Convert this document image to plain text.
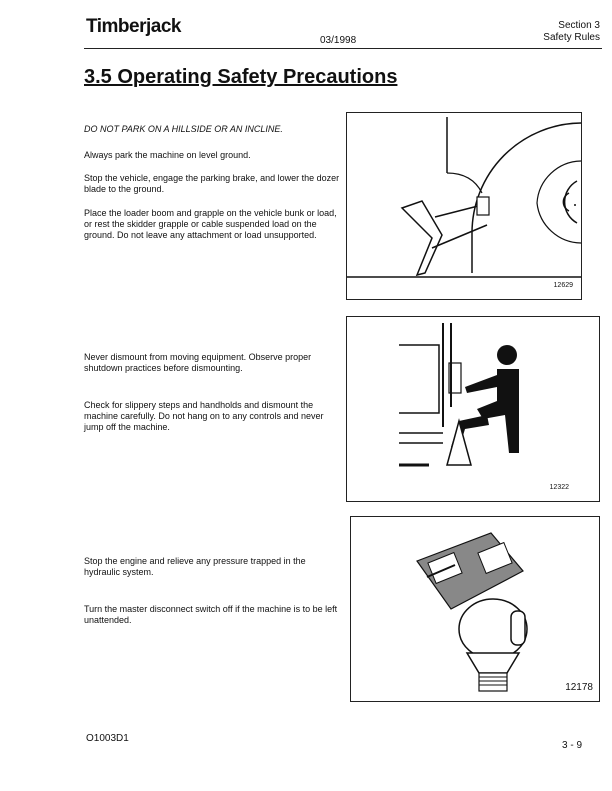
Timberjack
03/1998
Section 3
Safety Rules
3.5 Operating Safety Precautions
DO NOT PARK ON A HILLSIDE OR AN INCLINE.
Always park the machine on level ground.
Stop the vehicle, engage the parking brake, and lower the dozer blade to the ground.
Place the loader boom and grapple on the vehicle bunk or load, or rest the skidder grapple or cable suspended load on the ground. Do not leave any attachment or load unsupported.
12629
Never dismount from moving equipment. Observe proper shutdown practices before dismounting.
Check for slippery steps and handholds and dismount the machine carefully. Do not hang on to any controls and never jump off the machine.
12322
Stop the engine and relieve any pressure trapped in the hydraulic system.
Turn the master disconnect switch off if the machine is to be left unattended.
12178
O1003D1
3 - 9
